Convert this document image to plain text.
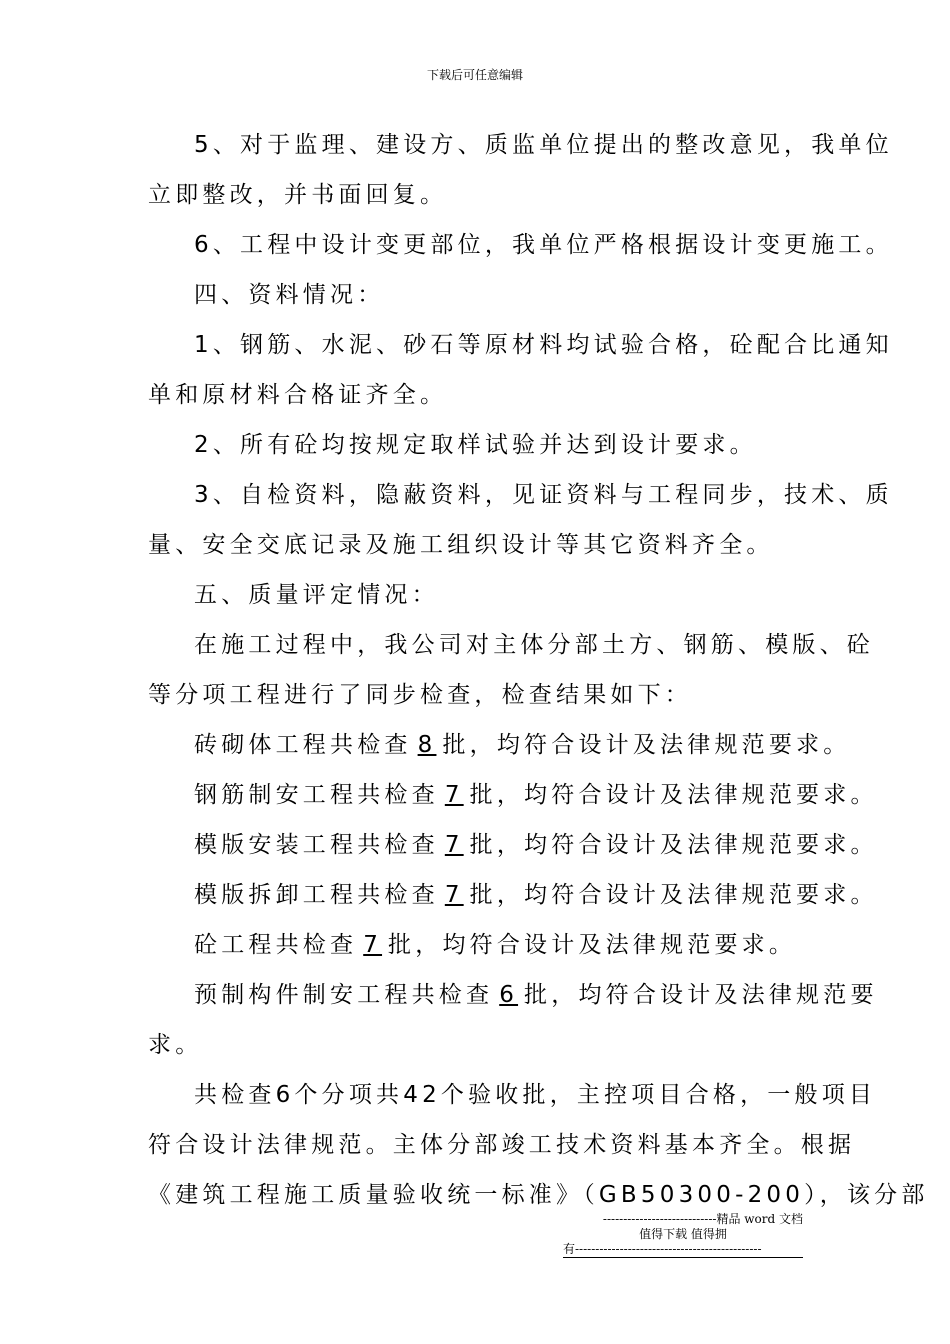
下载后可任意编辑

5、对于监理、建设方、质监单位提出的整改意见，我单位

立即整改，并书面回复。

6、工程中设计变更部位，我单位严格根据设计变更施工。

四、资料情况：

1、钢筋、水泥、砂石等原材料均试验合格，砼配合比通知

单和原材料合格证齐全。

2、所有砼均按规定取样试验并达到设计要求。

3、自检资料，隐蔽资料，见证资料与工程同步，技术、质

量、安全交底记录及施工组织设计等其它资料齐全。

五、质量评定情况：

在施工过程中，我公司对主体分部土方、钢筋、模版、砼

等分项工程进行了同步检查，检查结果如下：

砖砌体工程共检查 8 批，均符合设计及法律规范要求。

钢筋制安工程共检查 7 批，均符合设计及法律规范要求。

模版安装工程共检查 7 批，均符合设计及法律规范要求。

模版拆卸工程共检查 7 批，均符合设计及法律规范要求。

砼工程共检查 7 批，均符合设计及法律规范要求。

预制构件制安工程共检查 6 批，均符合设计及法律规范要

求。

共检查6个分项共42个验收批，主控项目合格，一般项目

符合设计法律规范。主体分部竣工技术资料基本齐全。根据

《建筑工程施工质量验收统一标准》（GB50300-200），该分部

----------------------------精品 word 文档
值得下载 值得拥
有----------------------------------------------
